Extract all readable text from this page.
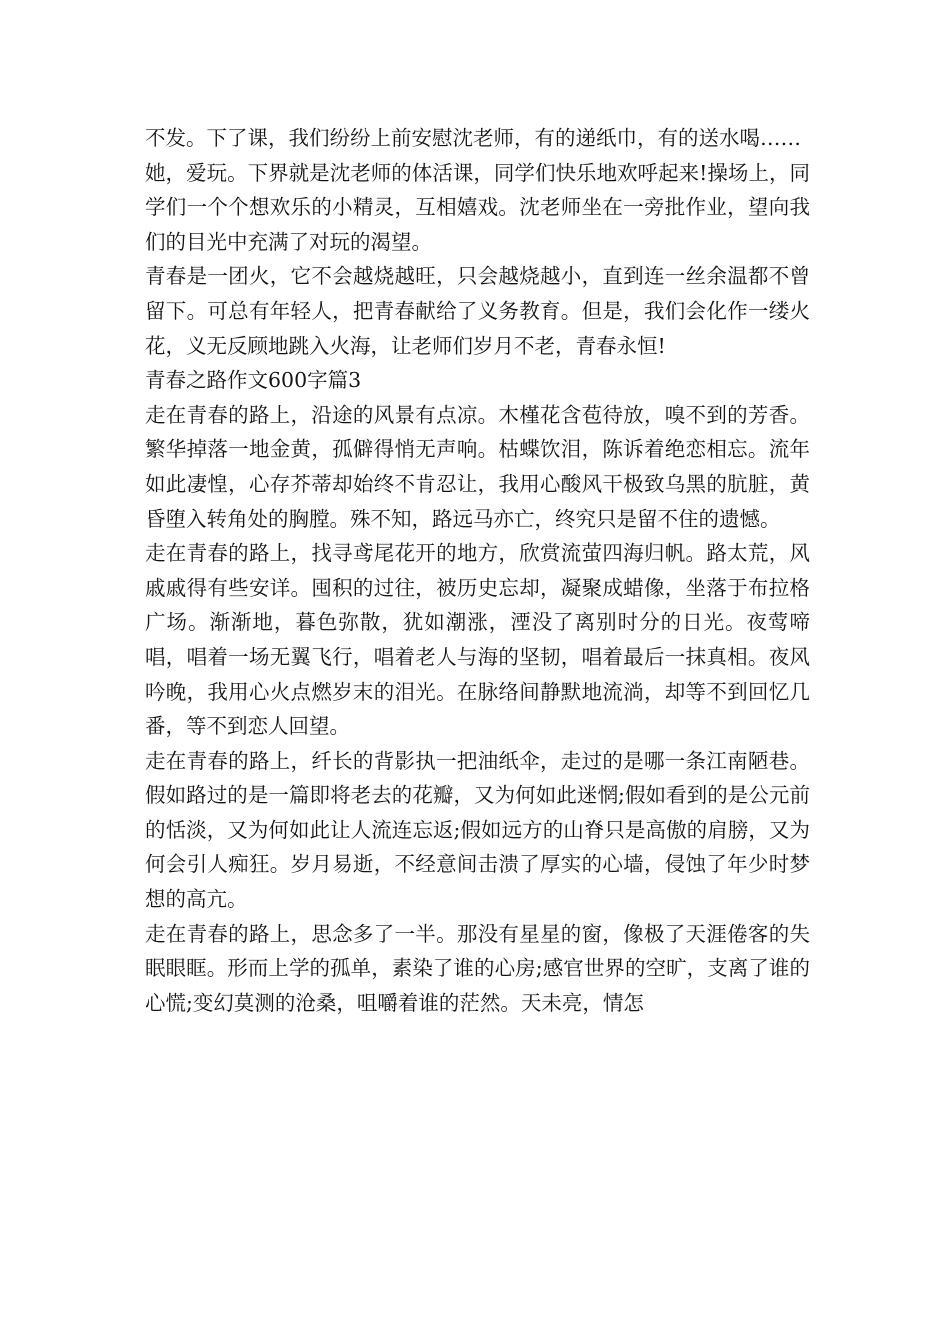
不发。下了课，我们纷纷上前安慰沈老师，有的递纸巾，有的送水喝……

她，爱玩。下界就是沈老师的体活课，同学们快乐地欢呼起来!操场上，同学们一个个想欢乐的小精灵，互相嬉戏。沈老师坐在一旁批作业，望向我们的目光中充满了对玩的渴望。

青春是一团火，它不会越烧越旺，只会越烧越小，直到连一丝余温都不曾留下。可总有年轻人，把青春献给了义务教育。但是，我们会化作一缕火花，义无反顾地跳入火海，让老师们岁月不老，青春永恒!

青春之路作文600字篇3

走在青春的路上，沿途的风景有点凉。木槿花含苞待放，嗅不到的芳香。繁华掉落一地金黄，孤僻得悄无声响。枯蝶饮泪，陈诉着绝恋相忘。流年如此凄惶，心存芥蒂却始终不肯忍让，我用心酸风干极致乌黑的肮脏，黄昏堕入转角处的胸膛。殊不知，路远马亦亡，终究只是留不住的遗憾。

走在青春的路上，找寻鸢尾花开的地方，欣赏流萤四海归帆。路太荒，风戚戚得有些安详。囤积的过往，被历史忘却，凝聚成蜡像，坐落于布拉格广场。渐渐地，暮色弥散，犹如潮涨，湮没了离别时分的日光。夜莺啼唱，唱着一场无翼飞行，唱着老人与海的坚韧，唱着最后一抹真相。夜风吟晚，我用心火点燃岁末的泪光。在脉络间静默地流淌，却等不到回忆几番，等不到恋人回望。

走在青春的路上，纤长的背影执一把油纸伞，走过的是哪一条江南陋巷。假如路过的是一篇即将老去的花瓣，又为何如此迷惘;假如看到的是公元前的恬淡，又为何如此让人流连忘返;假如远方的山脊只是高傲的肩膀，又为何会引人痴狂。岁月易逝，不经意间击溃了厚实的心墙，侵蚀了年少时梦想的高亢。

走在青春的路上，思念多了一半。那没有星星的窗，像极了天涯倦客的失眠眼眶。形而上学的孤单，素染了谁的心房;感官世界的空旷，支离了谁的心慌;变幻莫测的沧桑，咀嚼着谁的茫然。天未亮，情怎
